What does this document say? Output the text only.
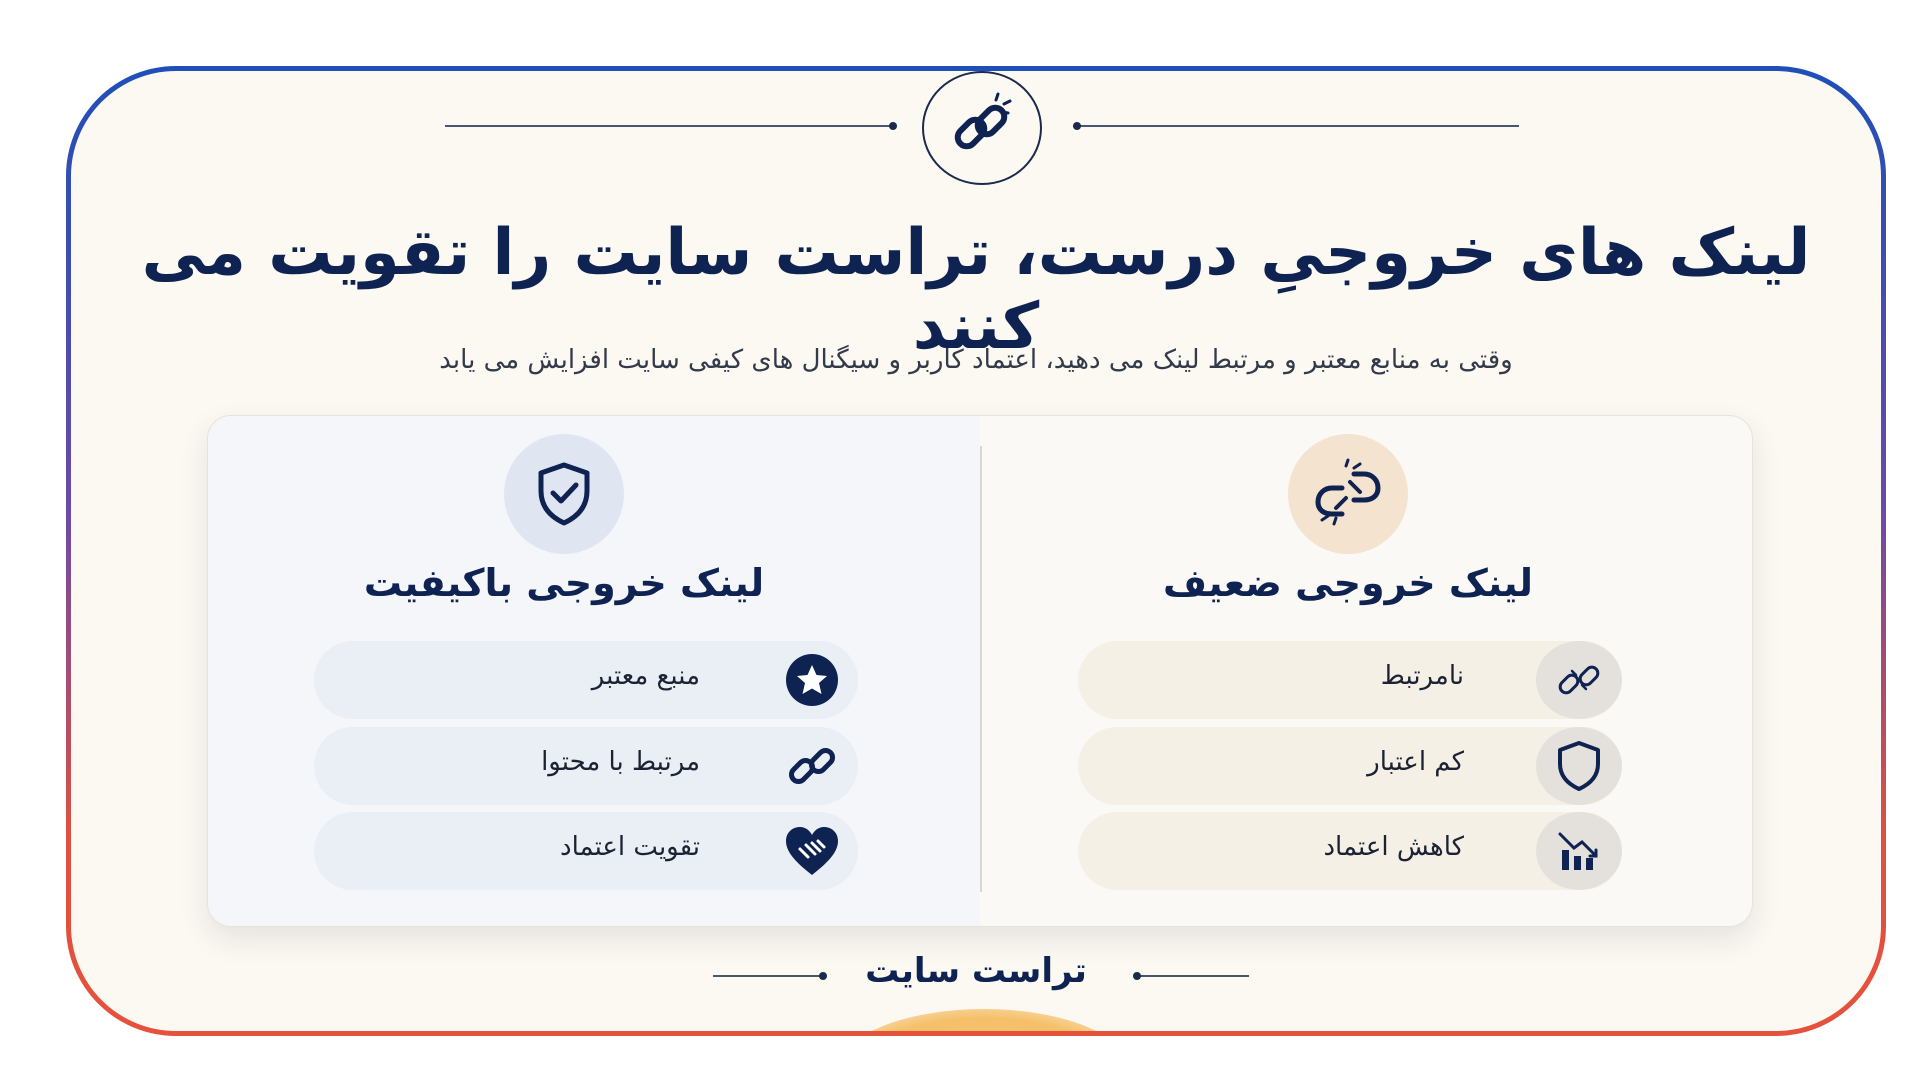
لینک های خروجیِ درست، تراست سایت را تقویت می کنند
وقتی به منابع معتبر و مرتبط لینک می دهید، اعتماد کاربر و سیگنال های کیفی سایت افزایش می یابد
لینک خروجی باکیفیت
منبع معتبر
مرتبط با محتوا
تقویت اعتماد
لینک خروجی ضعیف
نامرتبط
کم اعتبار
کاهش اعتماد
تراست سایت
